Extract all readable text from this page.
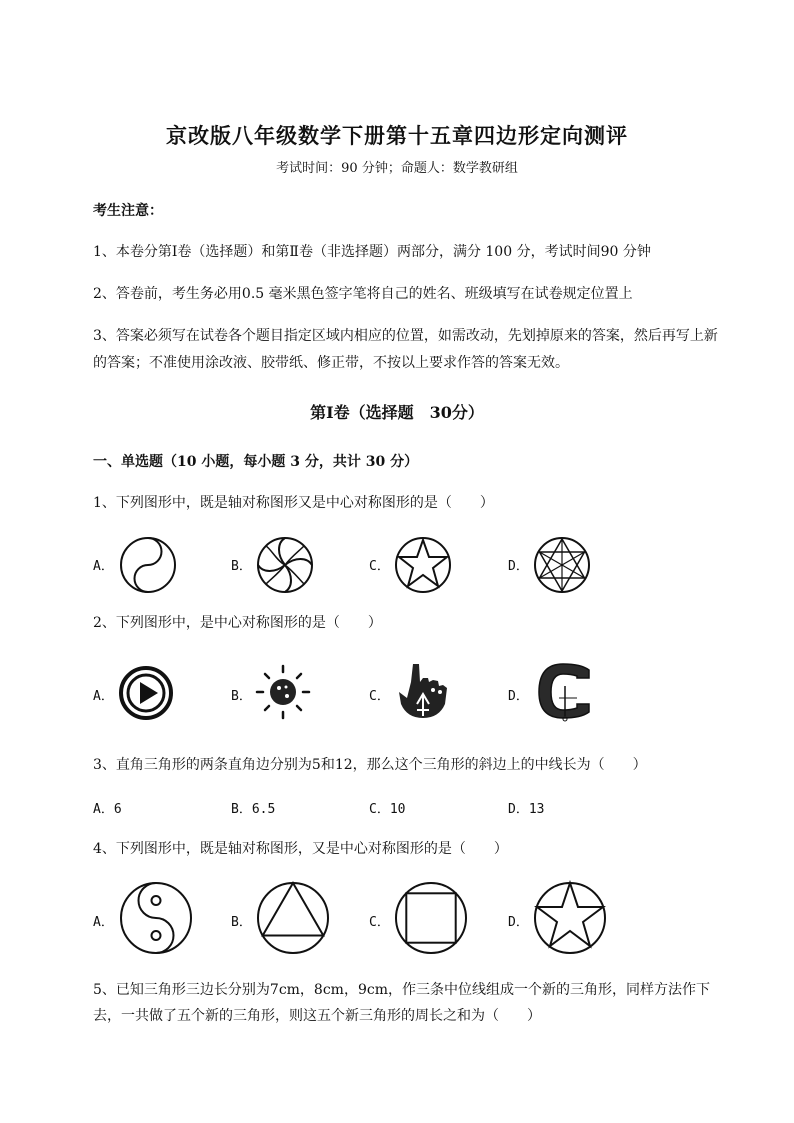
京改版八年级数学下册第十五章四边形定向测评
考试时间：90 分钟；命题人：数学教研组
考生注意：
1、本卷分第Ⅰ卷（选择题）和第Ⅱ卷（非选择题）两部分，满分 100 分，考试时间90 分钟
2、答卷前，考生务必用0.5 毫米黑色签字笔将自己的姓名、班级填写在试卷规定位置上
3、答案必须写在试卷各个题目指定区域内相应的位置，如需改动，先划掉原来的答案，然后再写上新
的答案；不准使用涂改液、胶带纸、修正带，不按以上要求作答的答案无效。
第Ⅰ卷（选择题　30分）
一、单选题（10 小题，每小题 3 分，共计 30 分）
1、下列图形中，既是轴对称图形又是中心对称图形的是（　　）
A．	B．	C．	D．
2、下列图形中，是中心对称图形的是（　　）
A．	B．	C．	D．
3、直角三角形的两条直角边分别为5和12，那么这个三角形的斜边上的中线长为（　　）
A．6	B．6.5	C．10	D．13
4、下列图形中，既是轴对称图形，又是中心对称图形的是（　　）
A．	B．	C．	D．
5、已知三角形三边长分别为7cm，8cm，9cm，作三条中位线组成一个新的三角形，同样方法作下
去，一共做了五个新的三角形，则这五个新三角形的周长之和为（　　）
